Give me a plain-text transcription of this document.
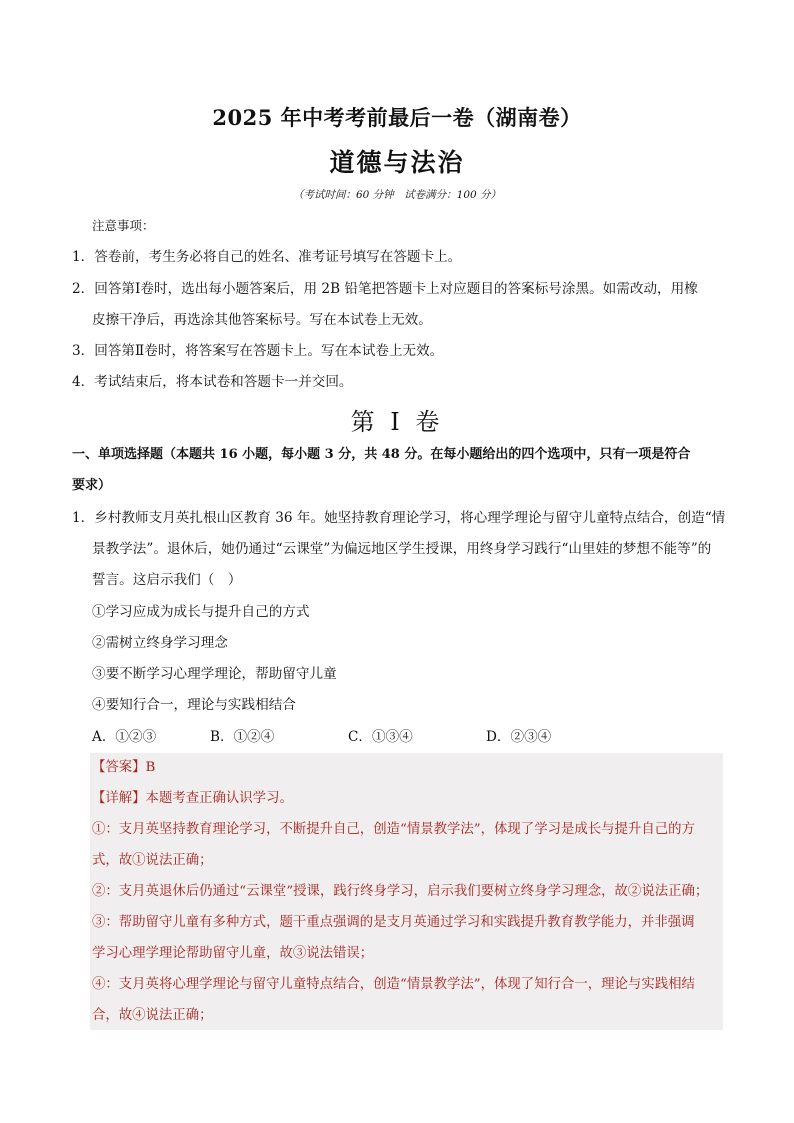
2025 年中考考前最后一卷（湖南卷）
道德与法治
（考试时间：60 分钟　试卷满分：100 分）
注意事项：
1．答卷前，考生务必将自己的姓名、准考证号填写在答题卡上。
2．回答第Ⅰ卷时，选出每小题答案后，用 2B 铅笔把答题卡上对应题目的答案标号涂黑。如需改动，用橡
皮擦干净后，再选涂其他答案标号。写在本试卷上无效。
3．回答第Ⅱ卷时，将答案写在答题卡上。写在本试卷上无效。
4．考试结束后，将本试卷和答题卡一并交回。
第 I 卷
一、单项选择题（本题共 16 小题，每小题 3 分，共 48 分。在每小题给出的四个选项中，只有一项是符合
要求）
1．乡村教师支月英扎根山区教育 36 年。她坚持教育理论学习，将心理学理论与留守儿童特点结合，创造“情
景教学法”。退休后，她仍通过“云课堂”为偏远地区学生授课，用终身学习践行“山里娃的梦想不能等”的
誓言。这启示我们（　）
①学习应成为成长与提升自己的方式
②需树立终身学习理念
③要不断学习心理学理论，帮助留守儿童
④要知行合一，理论与实践相结合
A．①②③	B．①②④	C．①③④	D．②③④
【答案】B
【详解】本题考查正确认识学习。
①：支月英坚持教育理论学习，不断提升自己，创造“情景教学法”，体现了学习是成长与提升自己的方
式，故①说法正确；
②：支月英退休后仍通过“云课堂”授课，践行终身学习，启示我们要树立终身学习理念，故②说法正确；
③：帮助留守儿童有多种方式，题干重点强调的是支月英通过学习和实践提升教育教学能力，并非强调
学习心理学理论帮助留守儿童，故③说法错误；
④：支月英将心理学理论与留守儿童特点结合，创造“情景教学法”，体现了知行合一，理论与实践相结
合，故④说法正确；
